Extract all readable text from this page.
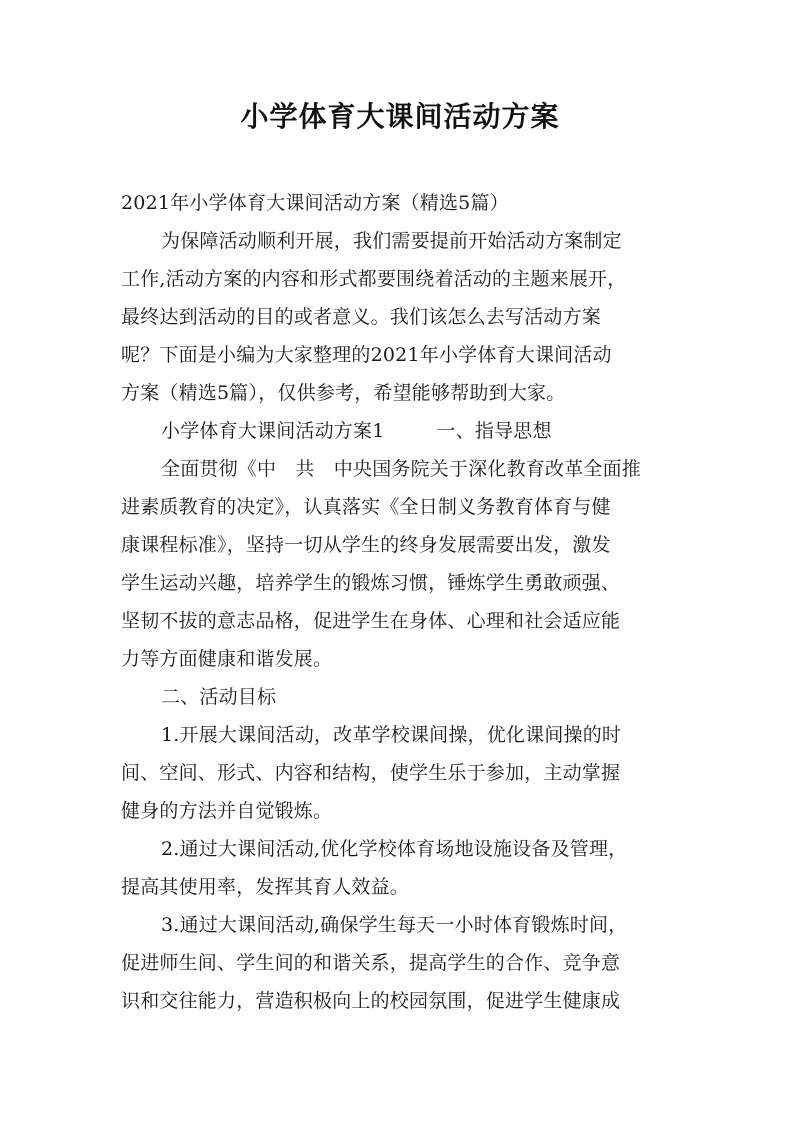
小学体育大课间活动方案
2021年小学体育大课间活动方案（精选5篇）
为保障活动顺利开展，我们需要提前开始活动方案制定
工作,活动方案的内容和形式都要围绕着活动的主题来展开，
最终达到活动的目的或者意义。我们该怎么去写活动方案
呢？下面是小编为大家整理的2021年小学体育大课间活动
方案（精选5篇），仅供参考，希望能够帮助到大家。
小学体育大课间活动方案1	一、指导思想
全面贯彻《中　共　中央国务院关于深化教育改革全面推
进素质教育的决定》，认真落实《全日制义务教育体育与健
康课程标准》，坚持一切从学生的终身发展需要出发，激发
学生运动兴趣，培养学生的锻炼习惯，锤炼学生勇敢顽强、
坚韧不拔的意志品格，促进学生在身体、心理和社会适应能
力等方面健康和谐发展。
二、活动目标
1.开展大课间活动，改革学校课间操，优化课间操的时
间、空间、形式、内容和结构，使学生乐于参加，主动掌握
健身的方法并自觉锻炼。
2.通过大课间活动,优化学校体育场地设施设备及管理，
提高其使用率，发挥其育人效益。
3.通过大课间活动,确保学生每天一小时体育锻炼时间，
促进师生间、学生间的和谐关系，提高学生的合作、竞争意
识和交往能力，营造积极向上的校园氛围，促进学生健康成
